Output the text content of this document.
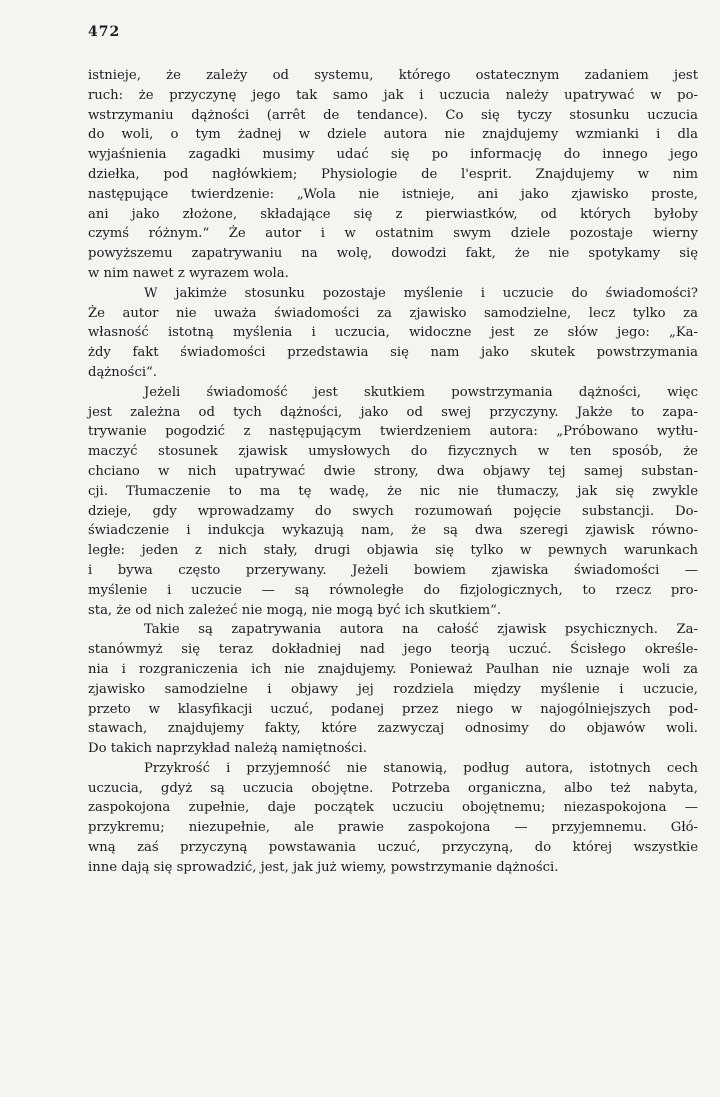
472
istnieje, że zależy od systemu, którego ostatecznym zadaniem jest
ruch: że przyczynę jego tak samo jak i uczucia należy upatrywać w po-
wstrzymaniu dążności (arrêt de tendance). Co się tyczy stosunku uczucia
do woli, o tym żadnej w dziele autora nie znajdujemy wzmianki i dla
wyjaśnienia zagadki musimy udać się po informację do innego jego
dziełka, pod nagłówkiem; Physiologie de l'esprit. Znajdujemy w nim
następujące twierdzenie: „Wola nie istnieje, ani jako zjawisko proste,
ani jako złożone, składające się z pierwiastków, od których byłoby
czymś różnym.“ Że autor i w ostatnim swym dziele pozostaje wierny
powyższemu zapatrywaniu na wolę, dowodzi fakt, że nie spotykamy się
w nim nawet z wyrazem wola.
W jakimże stosunku pozostaje myślenie i uczucie do świadomości?
Że autor nie uważa świadomości za zjawisko samodzielne, lecz tylko za
własność istotną myślenia i uczucia, widoczne jest ze słów jego: „Ka-
żdy fakt świadomości przedstawia się nam jako skutek powstrzymania
dążności“.
Jeżeli świadomość jest skutkiem powstrzymania dążności, więc
jest zależna od tych dążności, jako od swej przyczyny. Jakże to zapa-
trywanie pogodzić z następującym twierdzeniem autora: „Próbowano wytłu-
maczyć stosunek zjawisk umysłowych do fizycznych w ten sposób, że
chciano w nich upatrywać dwie strony, dwa objawy tej samej substan-
cji. Tłumaczenie to ma tę wadę, że nic nie tłumaczy, jak się zwykle
dzieje, gdy wprowadzamy do swych rozumowań pojęcie substancji. Do-
świadczenie i indukcja wykazują nam, że są dwa szeregi zjawisk równo-
ległe: jeden z nich stały, drugi objawia się tylko w pewnych warunkach
i bywa często przerywany. Jeżeli bowiem zjawiska świadomości —
myślenie i uczucie — są równoległe do fizjologicznych, to rzecz pro-
sta, że od nich zależeć nie mogą, nie mogą być ich skutkiem“.
Takie są zapatrywania autora na całość zjawisk psychicznych. Za-
stanówmyż się teraz dokładniej nad jego teorją uczuć. Ścisłego określe-
nia i rozgraniczenia ich nie znajdujemy. Ponieważ Paulhan nie uznaje woli za
zjawisko samodzielne i objawy jej rozdziela między myślenie i uczucie,
przeto w klasyfikacji uczuć, podanej przez niego w najogólniejszych pod-
stawach, znajdujemy fakty, które zazwyczaj odnosimy do objawów woli.
Do takich naprzykład należą namiętności.
Przykrość i przyjemność nie stanowią, podług autora, istotnych cech
uczucia, gdyż są uczucia obojętne. Potrzeba organiczna, albo też nabyta,
zaspokojona zupełnie, daje początek uczuciu obojętnemu; niezaspokojona —
przykremu; niezupełnie, ale prawie zaspokojona — przyjemnemu. Głó-
wną zaś przyczyną powstawania uczuć, przyczyną, do której wszystkie
inne dają się sprowadzić, jest, jak już wiemy, powstrzymanie dążności.
